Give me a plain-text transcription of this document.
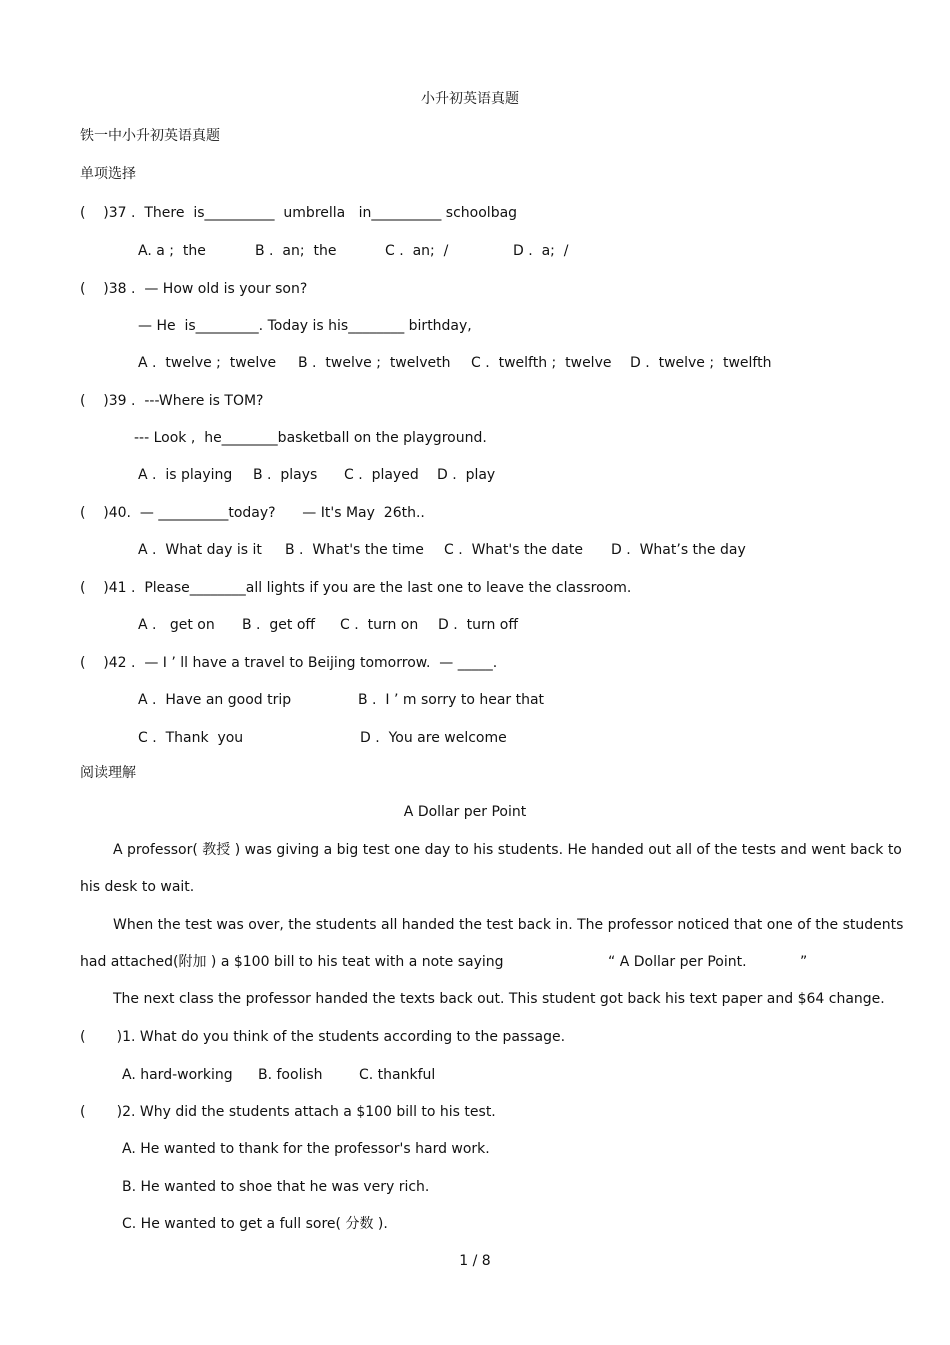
小升初英语真题
铁一中小升初英语真题
单项选择
(    )37 .  There  is__________  umbrella   in__________ schoolbag
A. a ;  the	B .  an;  the	C .  an;  /	D .  a;  /
(    )38 .  — How old is your son?
— He  is_________. Today is his________ birthday,
A .  twelve ;  twelve B .  twelve ;  twelveth C .  twelfth ;  twelve D .  twelve ;  twelfth
(    )39 .  ---Where is TOM?
--- Look ,  he________basketball on the playground.
A .  is playing B .  plays C .  played D .  play
(    )40.  — __________today?      — It's May  26th..
A .  What day is it B .  What's the time C .  What's the date D .  What’s the day
(    )41 .  Please________all lights if you are the last one to leave the classroom.
A .   get on B .  get off C .  turn on D .  turn off
(    )42 .  — I ’ ll have a travel to Beijing tomorrow.  — _____.
A .  Have an good trip	B .  I ’ m sorry to hear that
C .  Thank  you	D .  You are welcome
阅读理解
A Dollar per Point
A professor( 教授 ) was giving a big test one day to his students. He handed out all of the tests and went back to
his desk to wait.
When the test was over, the students all handed the test back in. The professor noticed that one of the students
had attached(附加 ) a $100 bill to his teat with a note saying	“ A Dollar per Point.            ”
The next class the professor handed the texts back out. This student got back his text paper and $64 change.
(       )1. What do you think of the students according to the passage.
A. hard-working B. foolish	C. thankful
(       )2. Why did the students attach a $100 bill to his test.
A. He wanted to thank for the professor's hard work.
B. He wanted to shoe that he was very rich.
C. He wanted to get a full sore( 分数 ).
1 / 8
